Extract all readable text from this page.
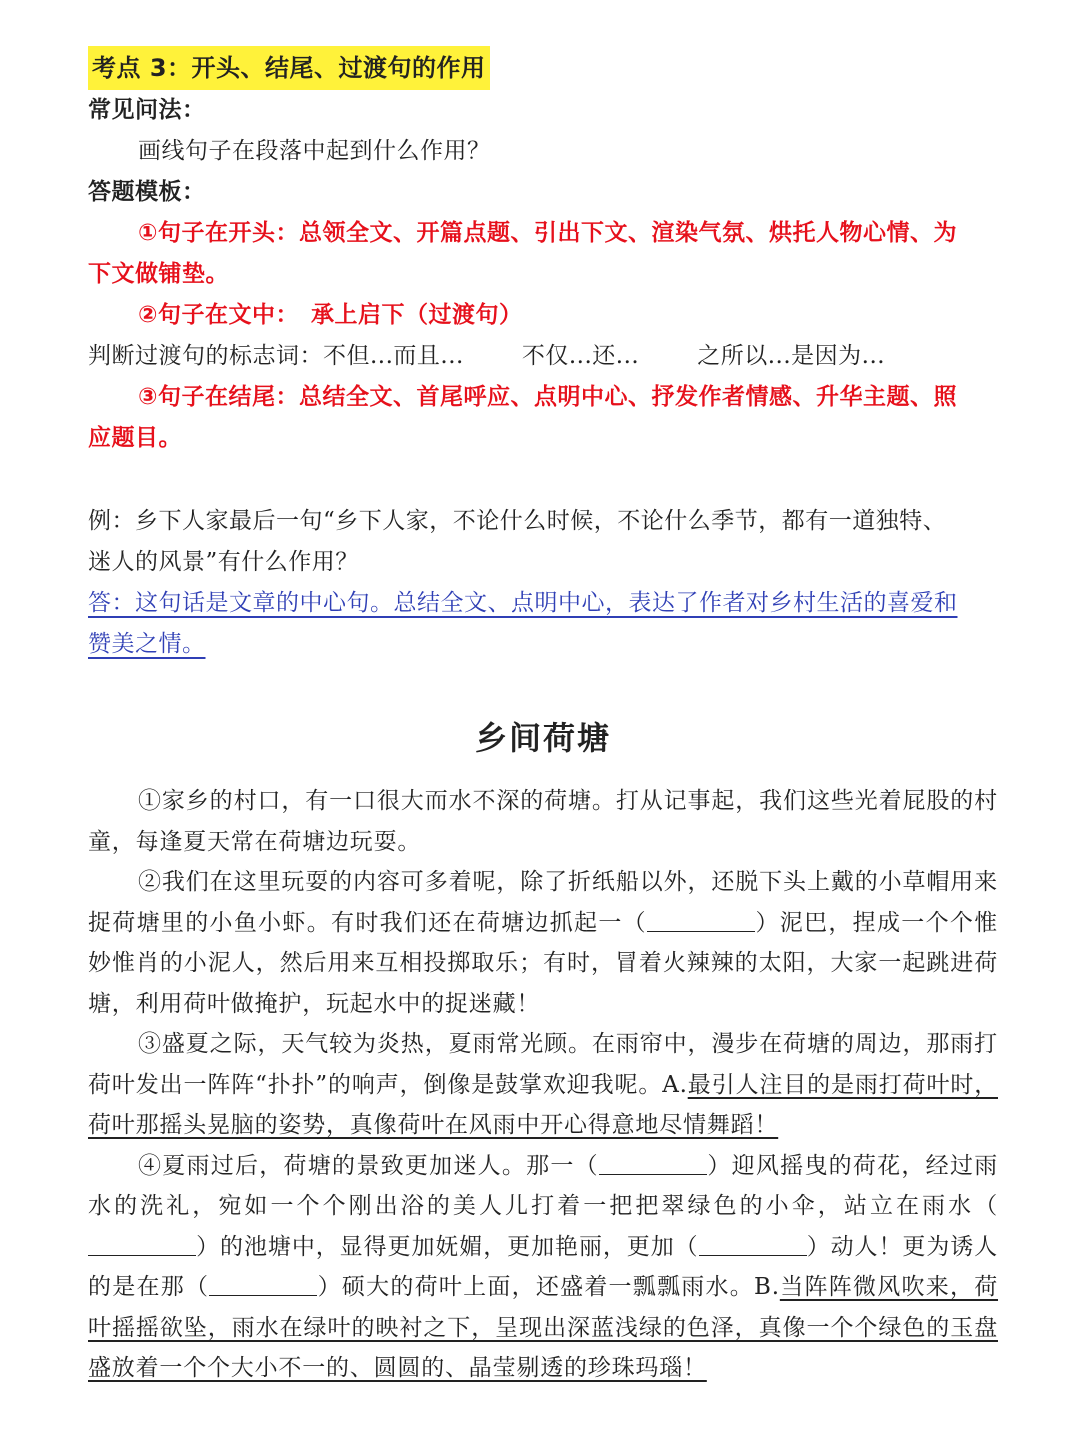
考点 3：开头、结尾、过渡句的作用
常见问法：
画线句子在段落中起到什么作用？
答题模板：
①句子在开头：总领全文、开篇点题、引出下文、渲染气氛、烘托人物心情、为
下文做铺垫。
②句子在文中：　承上启下（过渡句）
判断过渡句的标志词：不但...而且...	不仅...还...	之所以...是因为...
③句子在结尾：总结全文、首尾呼应、点明中心、抒发作者情感、升华主题、照
应题目。
例：乡下人家最后一句“乡下人家，不论什么时候，不论什么季节，都有一道独特、
迷人的风景”有什么作用？
答：这句话是文章的中心句。总结全文、点明中心，表达了作者对乡村生活的喜爱和
赞美之情。
乡间荷塘

①家乡的村口，有一口很大而水不深的荷塘。打从记事起，我们这些光着屁股的村童，每逢夏天常在荷塘边玩耍。

②我们在这里玩耍的内容可多着呢，除了折纸船以外，还脱下头上戴的小草帽用来捉荷塘里的小鱼小虾。有时我们还在荷塘边抓起一（	）泥巴，捏成一个个惟妙惟肖的小泥人，然后用来互相投掷取乐；有时，冒着火辣辣的太阳，大家一起跳进荷塘，利用荷叶做掩护，玩起水中的捉迷藏！

③盛夏之际，天气较为炎热，夏雨常光顾。在雨帘中，漫步在荷塘的周边，那雨打荷叶发出一阵阵“扑扑”的响声，倒像是鼓掌欢迎我呢。A.最引人注目的是雨打荷叶时，荷叶那摇头晃脑的姿势，真像荷叶在风雨中开心得意地尽情舞蹈！

④夏雨过后，荷塘的景致更加迷人。那一（	）迎风摇曳的荷花，经过雨水的洗礼，宛如一个个刚出浴的美人儿打着一把把翠绿色的小伞，站立在雨水（）的池塘中，显得更加妩媚，更加艳丽，更加（	）动人！更为诱人的是在那（	）硕大的荷叶上面，还盛着一瓢瓢雨水。B.当阵阵微风吹来，荷叶摇摇欲坠，雨水在绿叶的映衬之下，呈现出深蓝浅绿的色泽，真像一个个绿色的玉盘盛放着一个个大小不一的、圆圆的、晶莹剔透的珍珠玛瑙！
